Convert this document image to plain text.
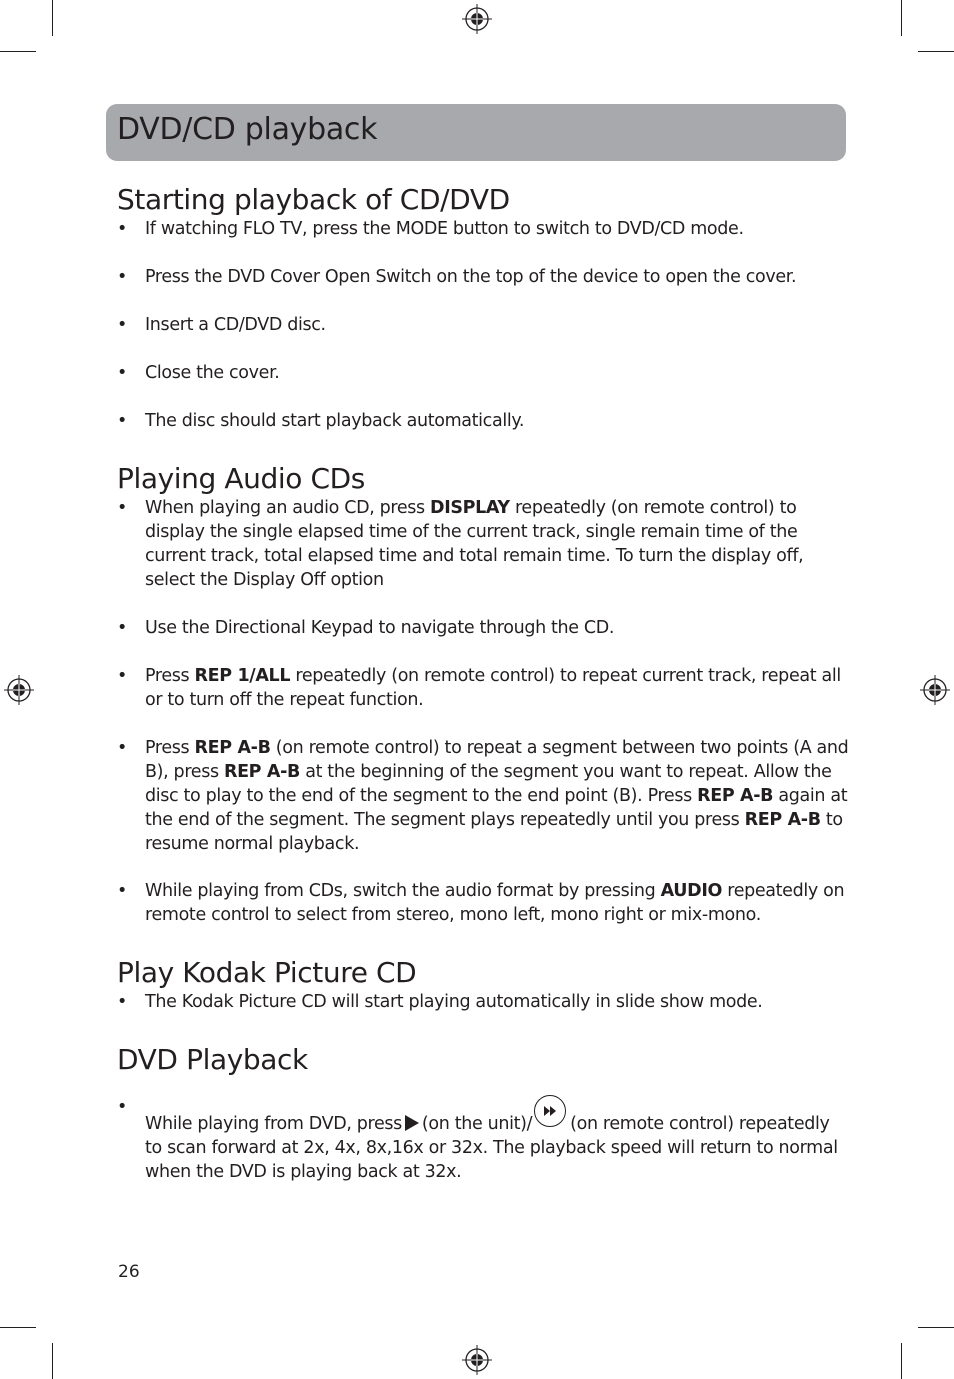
DVD/CD playback
Starting playback of CD/DVD
• If watching FLO TV, press the MODE button to switch to DVD/CD mode.
• Press the DVD Cover Open Switch on the top of the device to open the cover.
• Insert a CD/DVD disc.
• Close the cover.
• The disc should start playback automatically.
Playing Audio CDs
• When playing an audio CD, press DISPLAY repeatedly (on remote control) to
display the single elapsed time of the current track, single remain time of the
current track, total elapsed time and total remain time. To turn the display off,
select the Display Off option
• Use the Directional Keypad to navigate through the CD.
• Press REP 1/ALL repeatedly (on remote control) to repeat current track, repeat all
or to turn off the repeat function.
• Press REP A-B (on remote control) to repeat a segment between two points (A and
B), press REP A-B at the beginning of the segment you want to repeat. Allow the
disc to play to the end of the segment to the end point (B). Press REP A-B again at
the end of the segment. The segment plays repeatedly until you press REP A-B to
resume normal playback.
• While playing from CDs, switch the audio format by pressing AUDIO repeatedly on
remote control to select from stereo, mono left, mono right or mix-mono.
Play Kodak Picture CD
• The Kodak Picture CD will start playing automatically in slide show mode.
DVD Playback
•
While playing from DVD, press (on the unit)/ (on remote control) repeatedly
to scan forward at 2x, 4x, 8x,16x or 32x. The playback speed will return to normal
when the DVD is playing back at 32x.
26
